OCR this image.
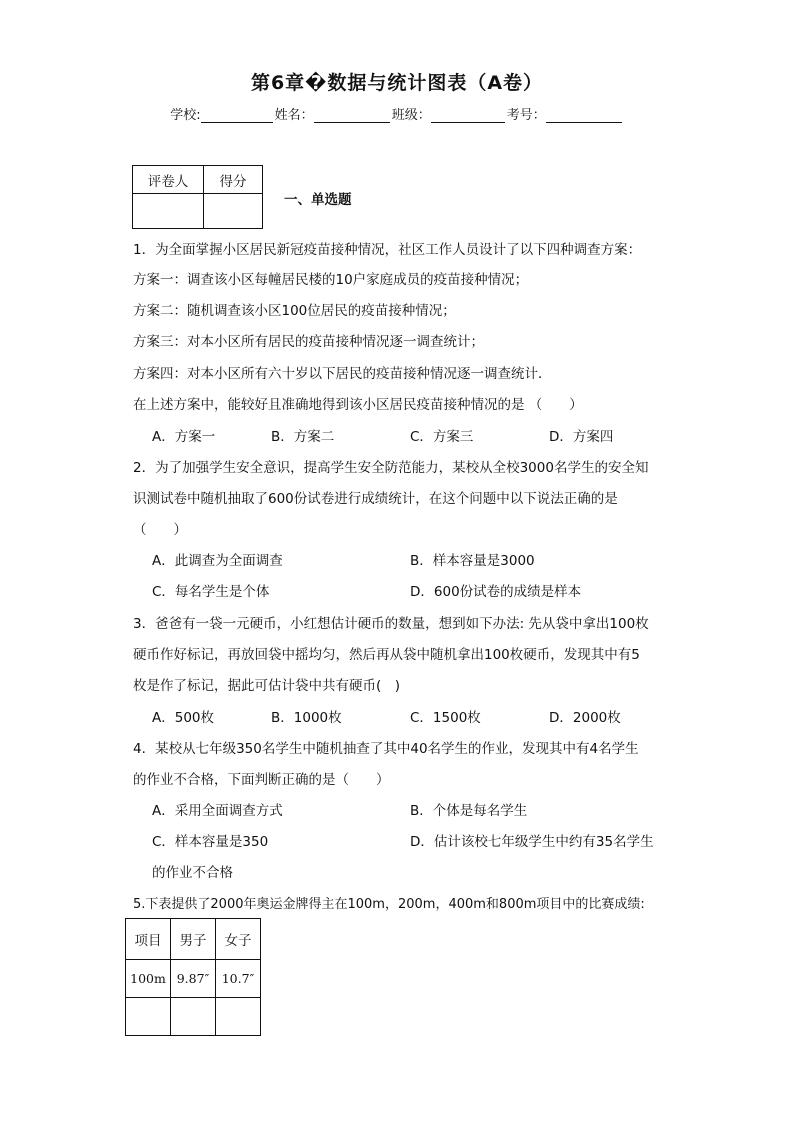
第6章�数据与统计图表（A卷）
学校:	姓名：	班级：	考号：
评卷人	得分

一、单选题
1．为全面掌握小区居民新冠疫苗接种情况，社区工作人员设计了以下四种调查方案：
方案一：调查该小区每幢居民楼的10户家庭成员的疫苗接种情况；
方案二：随机调查该小区100位居民的疫苗接种情况；
方案三：对本小区所有居民的疫苗接种情况逐一调查统计；
方案四：对本小区所有六十岁以下居民的疫苗接种情况逐一调查统计．
在上述方案中，能较好且准确地得到该小区居民疫苗接种情况的是 （　　）
A．方案一	B．方案二	C．方案三	D．方案四
2．为了加强学生安全意识，提高学生安全防范能力，某校从全校3000名学生的安全知
识测试卷中随机抽取了600份试卷进行成绩统计，在这个问题中以下说法正确的是
（　　）
A．此调查为全面调查	B．样本容量是3000
C．每名学生是个体	D．600份试卷的成绩是样本
3．爸爸有一袋一元硬币，小红想估计硬币的数量，想到如下办法: 先从袋中拿出100枚
硬币作好标记，再放回袋中摇均匀，然后再从袋中随机拿出100枚硬币，发现其中有5
枚是作了标记，据此可估计袋中共有硬币(　)
A．500枚	B．1000枚	C．1500枚	D．2000枚
4．某校从七年级350名学生中随机抽查了其中40名学生的作业，发现其中有4名学生
的作业不合格，下面判断正确的是（　　）
A．采用全面调查方式	B．个体是每名学生
C．样本容量是350	D．估计该校七年级学生中约有35名学生
的作业不合格
5.下表提供了2000年奥运金牌得主在100m，200m，400m和800m项目中的比赛成绩:
项目	男子	女子
100m	9.87″	10.7″
